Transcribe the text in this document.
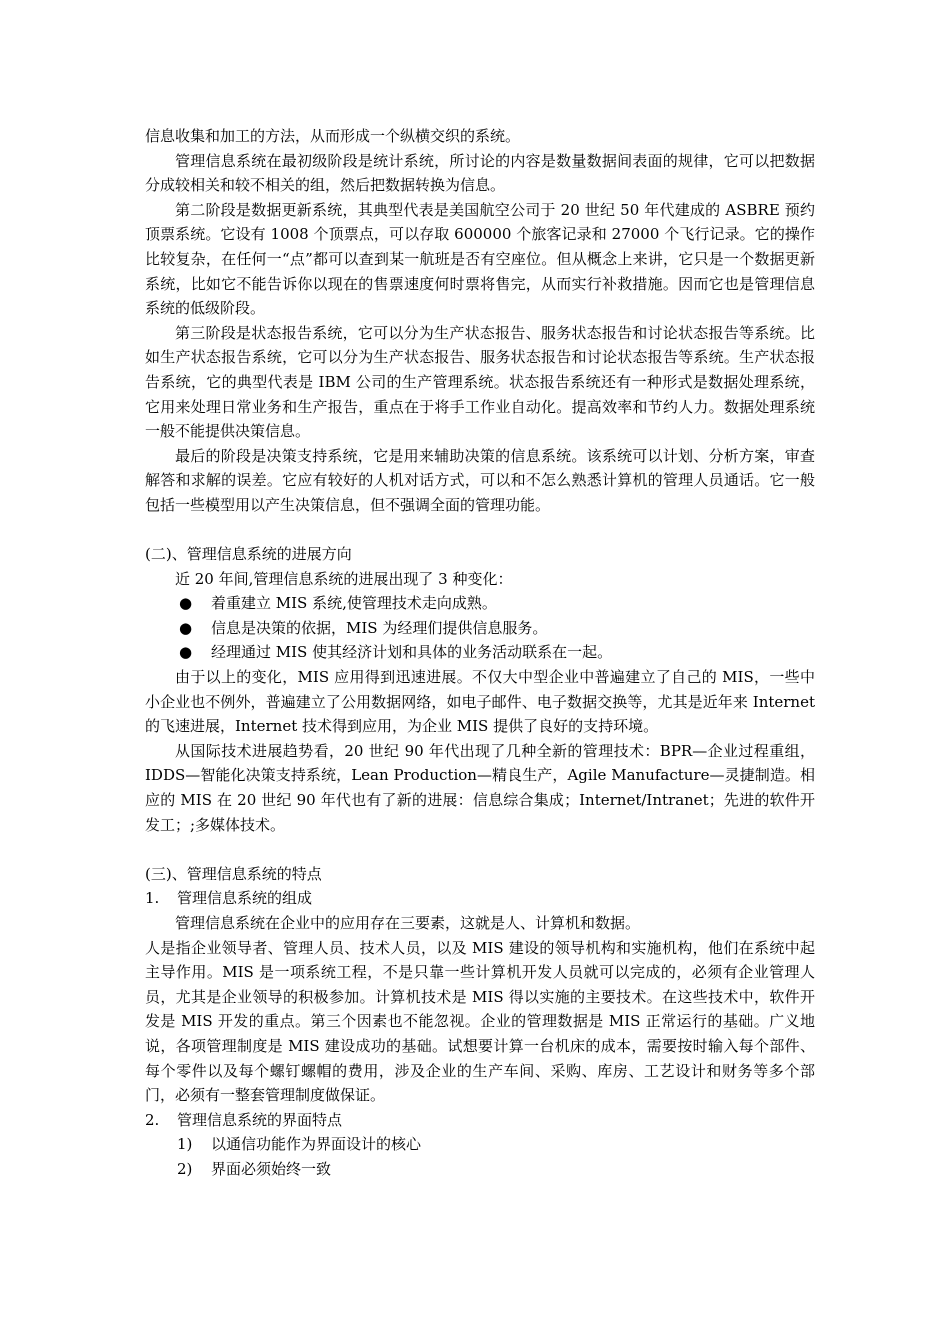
信息收集和加工的方法，从而形成一个纵横交织的系统。

管理信息系统在最初级阶段是统计系统，所讨论的内容是数量数据间表面的规律，它可以把数据分成较相关和较不相关的组，然后把数据转换为信息。

第二阶段是数据更新系统，其典型代表是美国航空公司于 20 世纪 50 年代建成的 ASBRE 预约顶票系统。它设有 1008 个顶票点，可以存取 600000 个旅客记录和 27000 个飞行记录。它的操作比较复杂，在任何一“点”都可以查到某一航班是否有空座位。但从概念上来讲，它只是一个数据更新系统，比如它不能告诉你以现在的售票速度何时票将售完，从而实行补救措施。因而它也是管理信息系统的低级阶段。

第三阶段是状态报告系统，它可以分为生产状态报告、服务状态报告和讨论状态报告等系统。比如生产状态报告系统，它可以分为生产状态报告、服务状态报告和讨论状态报告等系统。生产状态报告系统，它的典型代表是 IBM 公司的生产管理系统。状态报告系统还有一种形式是数据处理系统，它用来处理日常业务和生产报告，重点在于将手工作业自动化。提高效率和节约人力。数据处理系统一般不能提供决策信息。

最后的阶段是决策支持系统，它是用来辅助决策的信息系统。该系统可以计划、分析方案，审查解答和求解的误差。它应有较好的人机对话方式，可以和不怎么熟悉计算机的管理人员通话。它一般包括一些模型用以产生决策信息，但不强调全面的管理功能。

(二)、管理信息系统的进展方向

近 20 年间,管理信息系统的进展出现了 3 种变化：

● 着重建立 MIS 系统,使管理技术走向成熟。

● 信息是决策的依据，MIS 为经理们提供信息服务。

● 经理通过 MIS 使其经济计划和具体的业务活动联系在一起。

由于以上的变化，MIS 应用得到迅速进展。不仅大中型企业中普遍建立了自己的 MIS，一些中小企业也不例外，普遍建立了公用数据网络，如电子邮件、电子数据交换等，尤其是近年来 Internet 的飞速进展，Internet 技术得到应用，为企业 MIS 提供了良好的支持环境。

从国际技术进展趋势看，20 世纪 90 年代出现了几种全新的管理技术：BPR—企业过程重组，IDDS—智能化决策支持系统，Lean Production—精良生产，Agile Manufacture—灵捷制造。相应的 MIS 在 20 世纪 90 年代也有了新的进展：信息综合集成；Internet/Intranet；先进的软件开发工；;多媒体技术。

(三)、管理信息系统的特点

1. 管理信息系统的组成

管理信息系统在企业中的应用存在三要素，这就是人、计算机和数据。

人是指企业领导者、管理人员、技术人员，以及 MIS 建设的领导机构和实施机构，他们在系统中起主导作用。MIS 是一项系统工程，不是只靠一些计算机开发人员就可以完成的，必须有企业管理人员，尤其是企业领导的积极参加。计算机技术是 MIS 得以实施的主要技术。在这些技术中，软件开发是 MIS 开发的重点。第三个因素也不能忽视。企业的管理数据是 MIS 正常运行的基础。广义地说，各项管理制度是 MIS 建设成功的基础。试想要计算一台机床的成本，需要按时输入每个部件、每个零件以及每个螺钉螺帽的费用，涉及企业的生产车间、采购、库房、工艺设计和财务等多个部门，必须有一整套管理制度做保证。

2. 管理信息系统的界面特点

1) 以通信功能作为界面设计的核心

2) 界面必须始终一致
